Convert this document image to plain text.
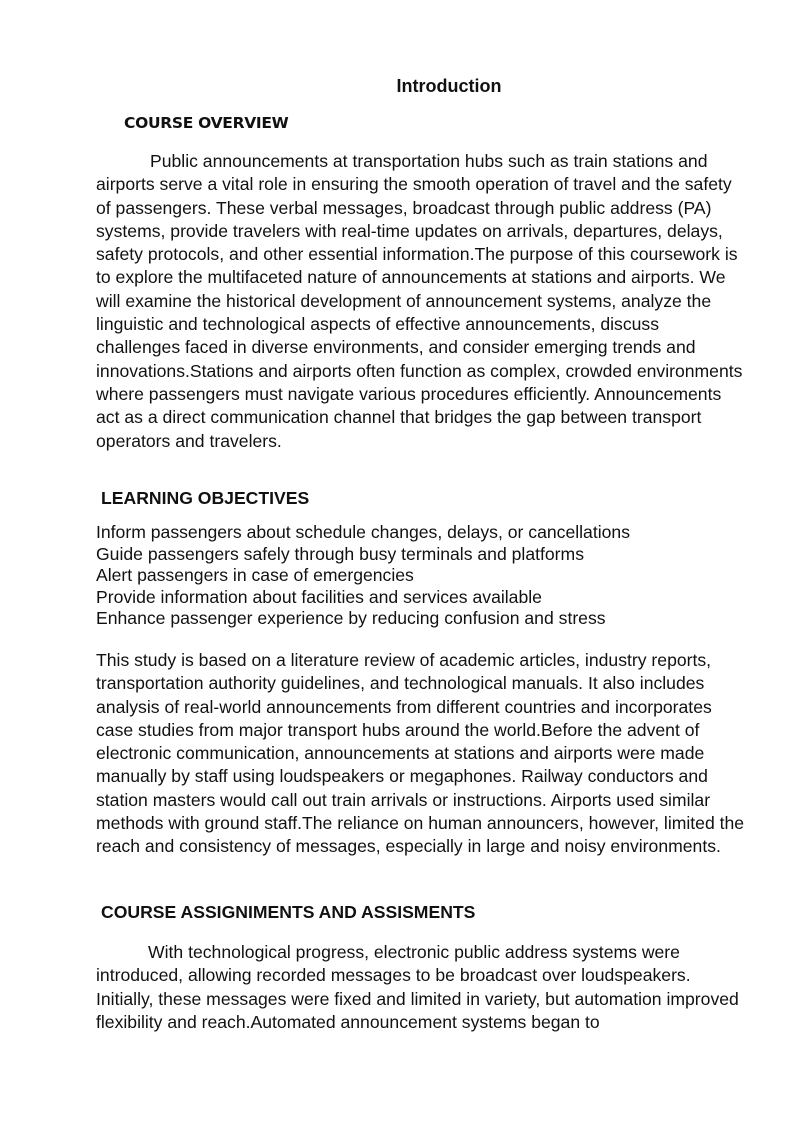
Introduction
COURSE OVERVIEW

Public announcements at transportation hubs such as train stations and airports serve a vital role in ensuring the smooth operation of travel and the safety of passengers. These verbal messages, broadcast through public address (PA) systems, provide travelers with real-time updates on arrivals, departures, delays, safety protocols, and other essential information.The purpose of this coursework is to explore the multifaceted nature of announcements at stations and airports. We will examine the historical development of announcement systems, analyze the linguistic and technological aspects of effective announcements, discuss challenges faced in diverse environments, and consider emerging trends and innovations.Stations and airports often function as complex, crowded environments where passengers must navigate various procedures efficiently. Announcements act as a direct communication channel that bridges the gap between transport operators and travelers.

LEARNING OBJECTIVES
Inform passengers about schedule changes, delays, or cancellations
Guide passengers safely through busy terminals and platforms
Alert passengers in case of emergencies
Provide information about facilities and services available
Enhance passenger experience by reducing confusion and stress

This study is based on a literature review of academic articles, industry reports, transportation authority guidelines, and technological manuals. It also includes analysis of real-world announcements from different countries and incorporates case studies from major transport hubs around the world.Before the advent of electronic communication, announcements at stations and airports were made manually by staff using loudspeakers or megaphones. Railway conductors and station masters would call out train arrivals or instructions. Airports used similar methods with ground staff.The reliance on human announcers, however, limited the reach and consistency of messages, especially in large and noisy environments.

COURSE ASSIGNIMENTS AND ASSISMENTS

With technological progress, electronic public address systems were introduced, allowing recorded messages to be broadcast over loudspeakers. Initially, these messages were fixed and limited in variety, but automation improved flexibility and reach.Automated announcement systems began to
